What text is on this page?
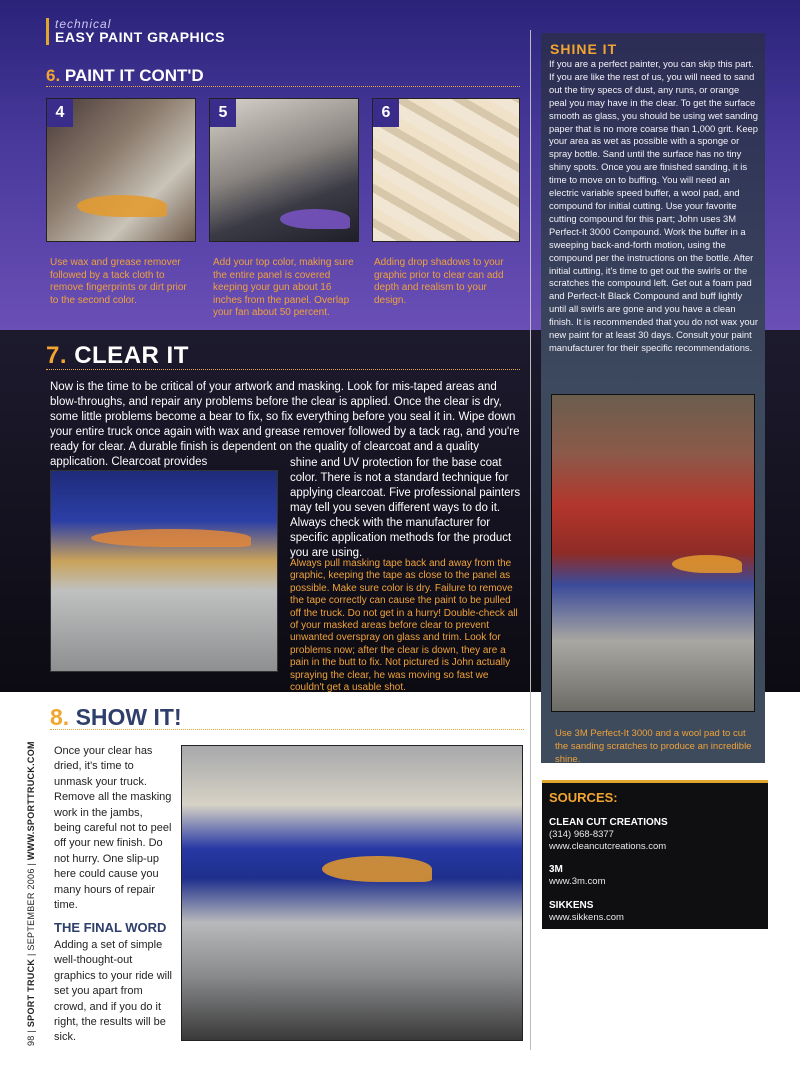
technical
EASY PAINT GRAPHICS
6. PAINT IT CONT'D
4	5	6
Use wax and grease remover followed by a tack cloth to remove fingerprints or dirt prior to the second color.
Add your top color, making sure the entire panel is covered keeping your gun about 16 inches from the panel. Overlap your fan about 50 percent.
Adding drop shadows to your graphic prior to clear can add depth and realism to your design.
7. CLEAR IT
Now is the time to be critical of your artwork and masking. Look for mis-taped areas and blow-throughs, and repair any problems before the clear is applied. Once the clear is dry, some little problems become a bear to fix, so fix everything before you seal it in. Wipe down your entire truck once again with wax and grease remover followed by a tack rag, and you're ready for clear. A durable finish is dependent on the quality of clearcoat and a quality application. Clearcoat provides	shine and UV protection for the base coat color. There is not a standard technique for applying clearcoat. Five professional painters may tell you seven different ways to do it. Always check with the manufacturer for specific application methods for the product you are using.
Always pull masking tape back and away from the graphic, keeping the tape as close to the panel as possible. Make sure color is dry. Failure to remove the tape correctly can cause the paint to be pulled off the truck. Do not get in a hurry! Double-check all of your masked areas before clear to prevent unwanted overspray on glass and trim. Look for problems now; after the clear is down, they are a pain in the butt to fix. Not pictured is John actually spraying the clear, he was moving so fast we couldn't get a usable shot.
SHINE IT
If you are a perfect painter, you can skip this part. If you are like the rest of us, you will need to sand out the tiny specs of dust, any runs, or orange peal you may have in the clear. To get the surface smooth as glass, you should be using wet sanding paper that is no more coarse than 1,000 grit. Keep your area as wet as possible with a sponge or spray bottle. Sand until the surface has no tiny shiny spots. Once you are finished sanding, it is time to move on to buffing. You will need an electric variable speed buffer, a wool pad, and compound for initial cutting. Use your favorite cutting compound for this part; John uses 3M Perfect-It 3000 Compound. Work the buffer in a sweeping back-and-forth motion, using the compound per the instructions on the bottle. After initial cutting, it's time to get out the swirls or the scratches the compound left. Get out a foam pad and Perfect-It Black Compound and buff lightly until all swirls are gone and you have a clean finish. It is recommended that you do not wax your new paint for at least 30 days. Consult your paint manufacturer for their specific recommendations.
Use 3M Perfect-It 3000 and a wool pad to cut the sanding scratches to produce an incredible shine.
8. SHOW IT!
Once your clear has dried, it's time to unmask your truck. Remove all the masking work in the jambs, being careful not to peel off your new finish. Do not hurry. One slip-up here could cause you many hours of repair time.
THE FINAL WORD
Adding a set of simple well-thought-out graphics to your ride will set you apart from crowd, and if you do it right, the results will be sick.
98 | SPORT TRUCK | SEPTEMBER 2006 | WWW.SPORTTRUCK.COM	SOURCES:
CLEAN CUT CREATIONS
(314) 968-8377
www.cleancutcreations.com
3M
www.3m.com
SIKKENS
www.sikkens.com
